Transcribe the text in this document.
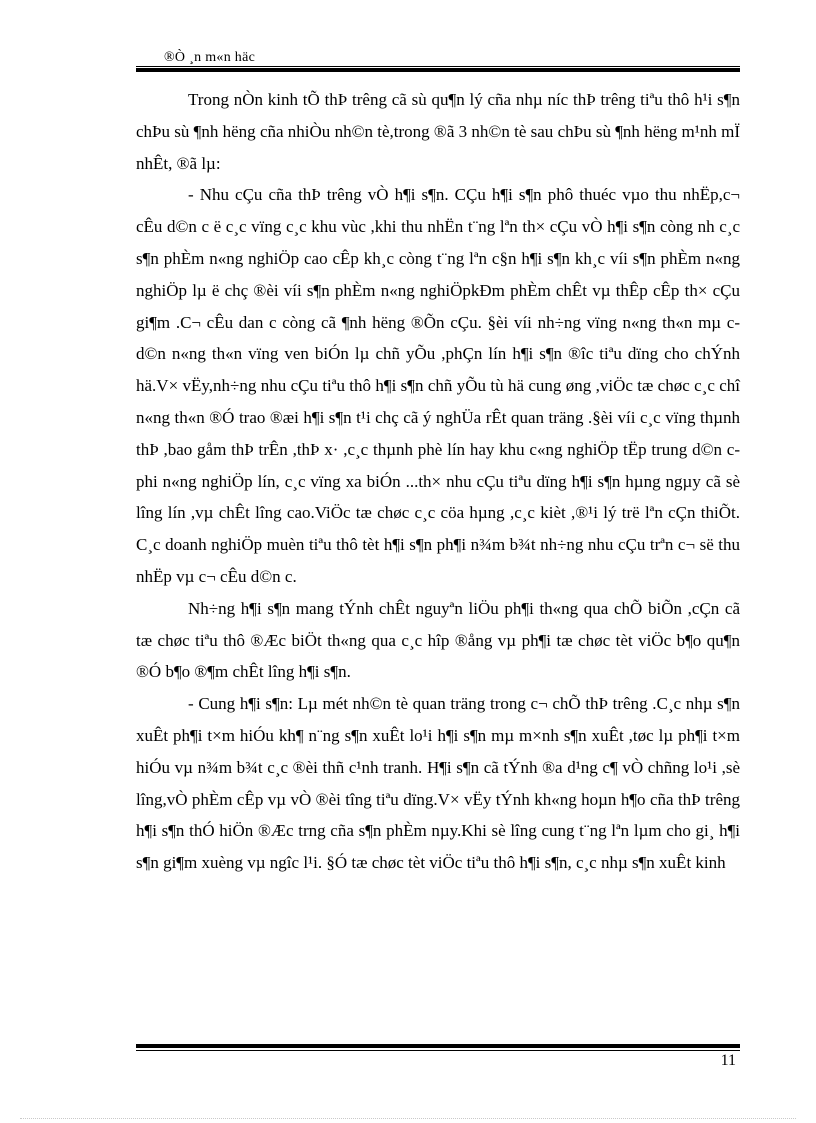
®Ò ¸n m«n häc

Trong nÒn kinh tÕ thÞ trêng cã sù qu¶n lý cña nhµ níc thÞ trêng tiªu thô h¹i s¶n chÞu sù ¶nh hëng cña nhiÒu nh©n tè,trong ®ã 3 nh©n tè sau chÞu sù ¶nh hëng m¹nh mÏ nhÊt, ®ã lµ:

- Nhu cÇu cña thÞ trêng vÒ h¶i s¶n. CÇu h¶i s¶n phô thuéc vµo thu nhËp,c¬ cÊu d©n c ë c¸c vïng c¸c khu vùc ,khi thu nhËn t¨ng lªn th× cÇu vÒ h¶i s¶n còng nh c¸c s¶n phÈm n«ng nghiÖp cao cÊp kh¸c còng t¨ng lªn c§n h¶i s¶n kh¸c víi s¶n phÈm n«ng nghiÖp lµ ë chç ®èi víi s¶n phÈm n«ng nghiÖpkÐm phÈm chÊt vµ thÊp cÊp th× cÇu gi¶m .C¬ cÊu dan c còng cã ¶nh hëng ®Õn cÇu. §èi víi nh÷ng vïng n«ng th«n mµ c d©n n«ng th«n vïng ven biÓn lµ chñ yÕu ,phÇn lín h¶i s¶n ®îc tiªu dïng cho chÝnh hä.V× vËy,nh÷ng nhu cÇu tiªu thô h¶i s¶n chñ yÕu tù hä cung øng ,viÖc tæ chøc c¸c chî n«ng th«n ®Ó trao ®æi h¶i s¶n t¹i chç cã ý nghÜa rÊt quan träng .§èi víi c¸c vïng thµnh thÞ ,bao gåm thÞ trÊn ,thÞ x· ,c¸c thµnh phè lín hay khu c«ng nghiÖp tËp trung d©n c phi n«ng nghiÖp lín, c¸c vïng xa biÓn ...th× nhu cÇu tiªu dïng h¶i s¶n hµng ngµy cã sè lîng lín ,vµ chÊt lîng cao.ViÖc tæ chøc c¸c cöa hµng ,c¸c kièt ,®¹i lý trë lªn cÇn thiÕt. C¸c doanh nghiÖp muèn tiªu thô tèt h¶i s¶n ph¶i n¾m b¾t nh÷ng nhu cÇu trªn c¬ së thu nhËp vµ c¬ cÊu d©n c.

Nh÷ng h¶i s¶n mang tÝnh chÊt nguyªn liÖu ph¶i th«ng qua chÕ biÕn ,cÇn cã tæ chøc tiªu thô ®Æc biÖt th«ng qua c¸c hîp ®ång vµ ph¶i tæ chøc tèt viÖc b¶o qu¶n ®Ó b¶o ®¶m chÊt lîng h¶i s¶n.

- Cung h¶i s¶n: Lµ mét nh©n tè quan träng trong c¬ chÕ thÞ trêng .C¸c nhµ s¶n xuÊt ph¶i t×m hiÓu kh¶ n¨ng s¶n xuÊt lo¹i h¶i s¶n mµ m×nh s¶n xuÊt ,tøc lµ ph¶i t×m hiÓu vµ n¾m b¾t c¸c ®èi thñ c¹nh tranh. H¶i s¶n cã tÝnh ®a d¹ng c¶ vÒ chñng lo¹i ,sè lîng,vÒ phÈm cÊp vµ vÒ ®èi tîng tiªu dïng.V× vËy tÝnh kh«ng hoµn h¶o cña thÞ trêng h¶i s¶n thÓ hiÖn ®Æc trng cña s¶n phÈm nµy.Khi sè lîng cung t¨ng lªn lµm cho gi¸ h¶i s¶n gi¶m xuèng vµ ngîc l¹i. §Ó tæ chøc tèt viÖc tiªu thô h¶i s¶n, c¸c nhµ s¶n xuÊt kinh

11
